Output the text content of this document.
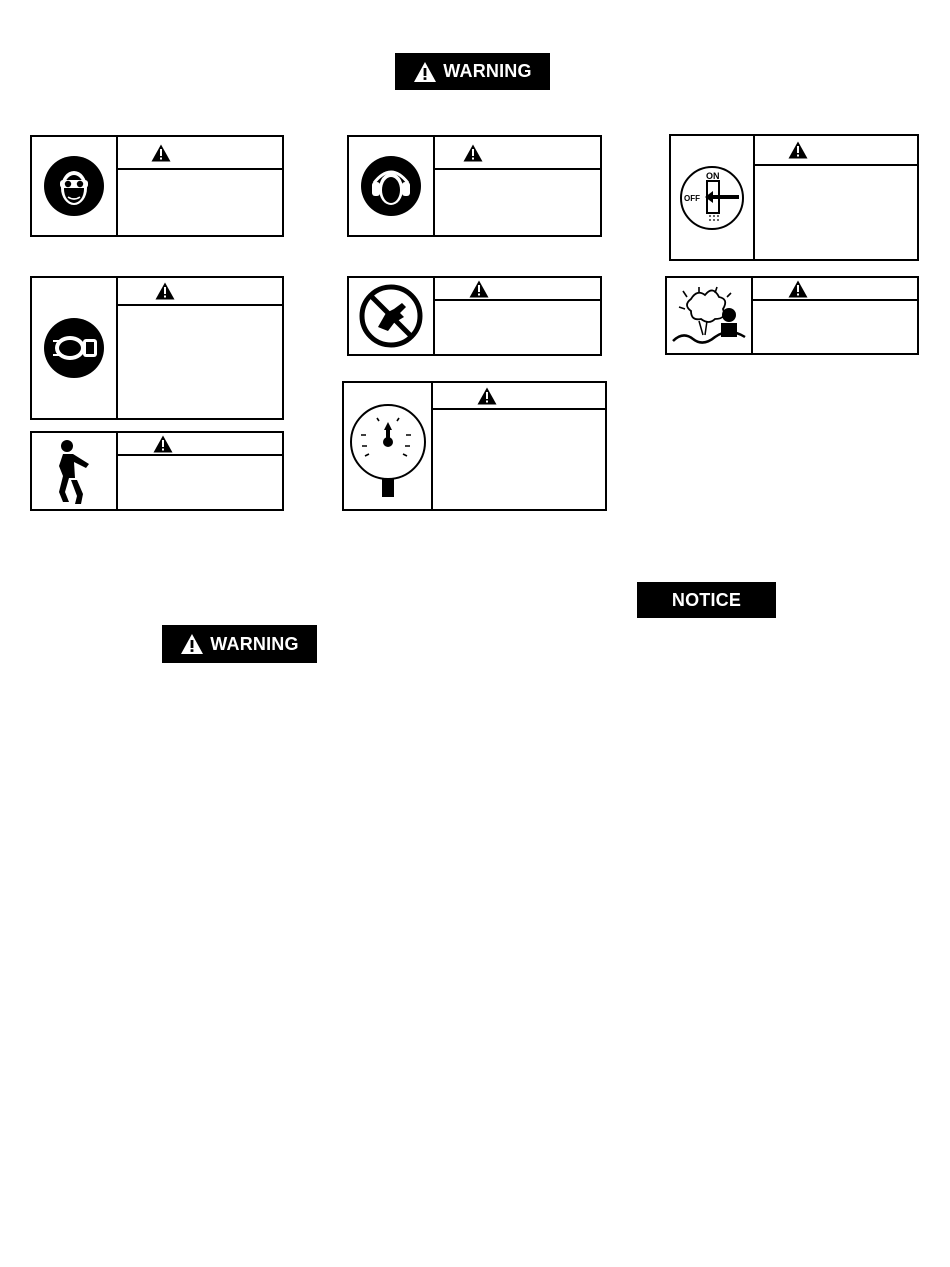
WARNING
ON
OFF
NOTICE
WARNING
